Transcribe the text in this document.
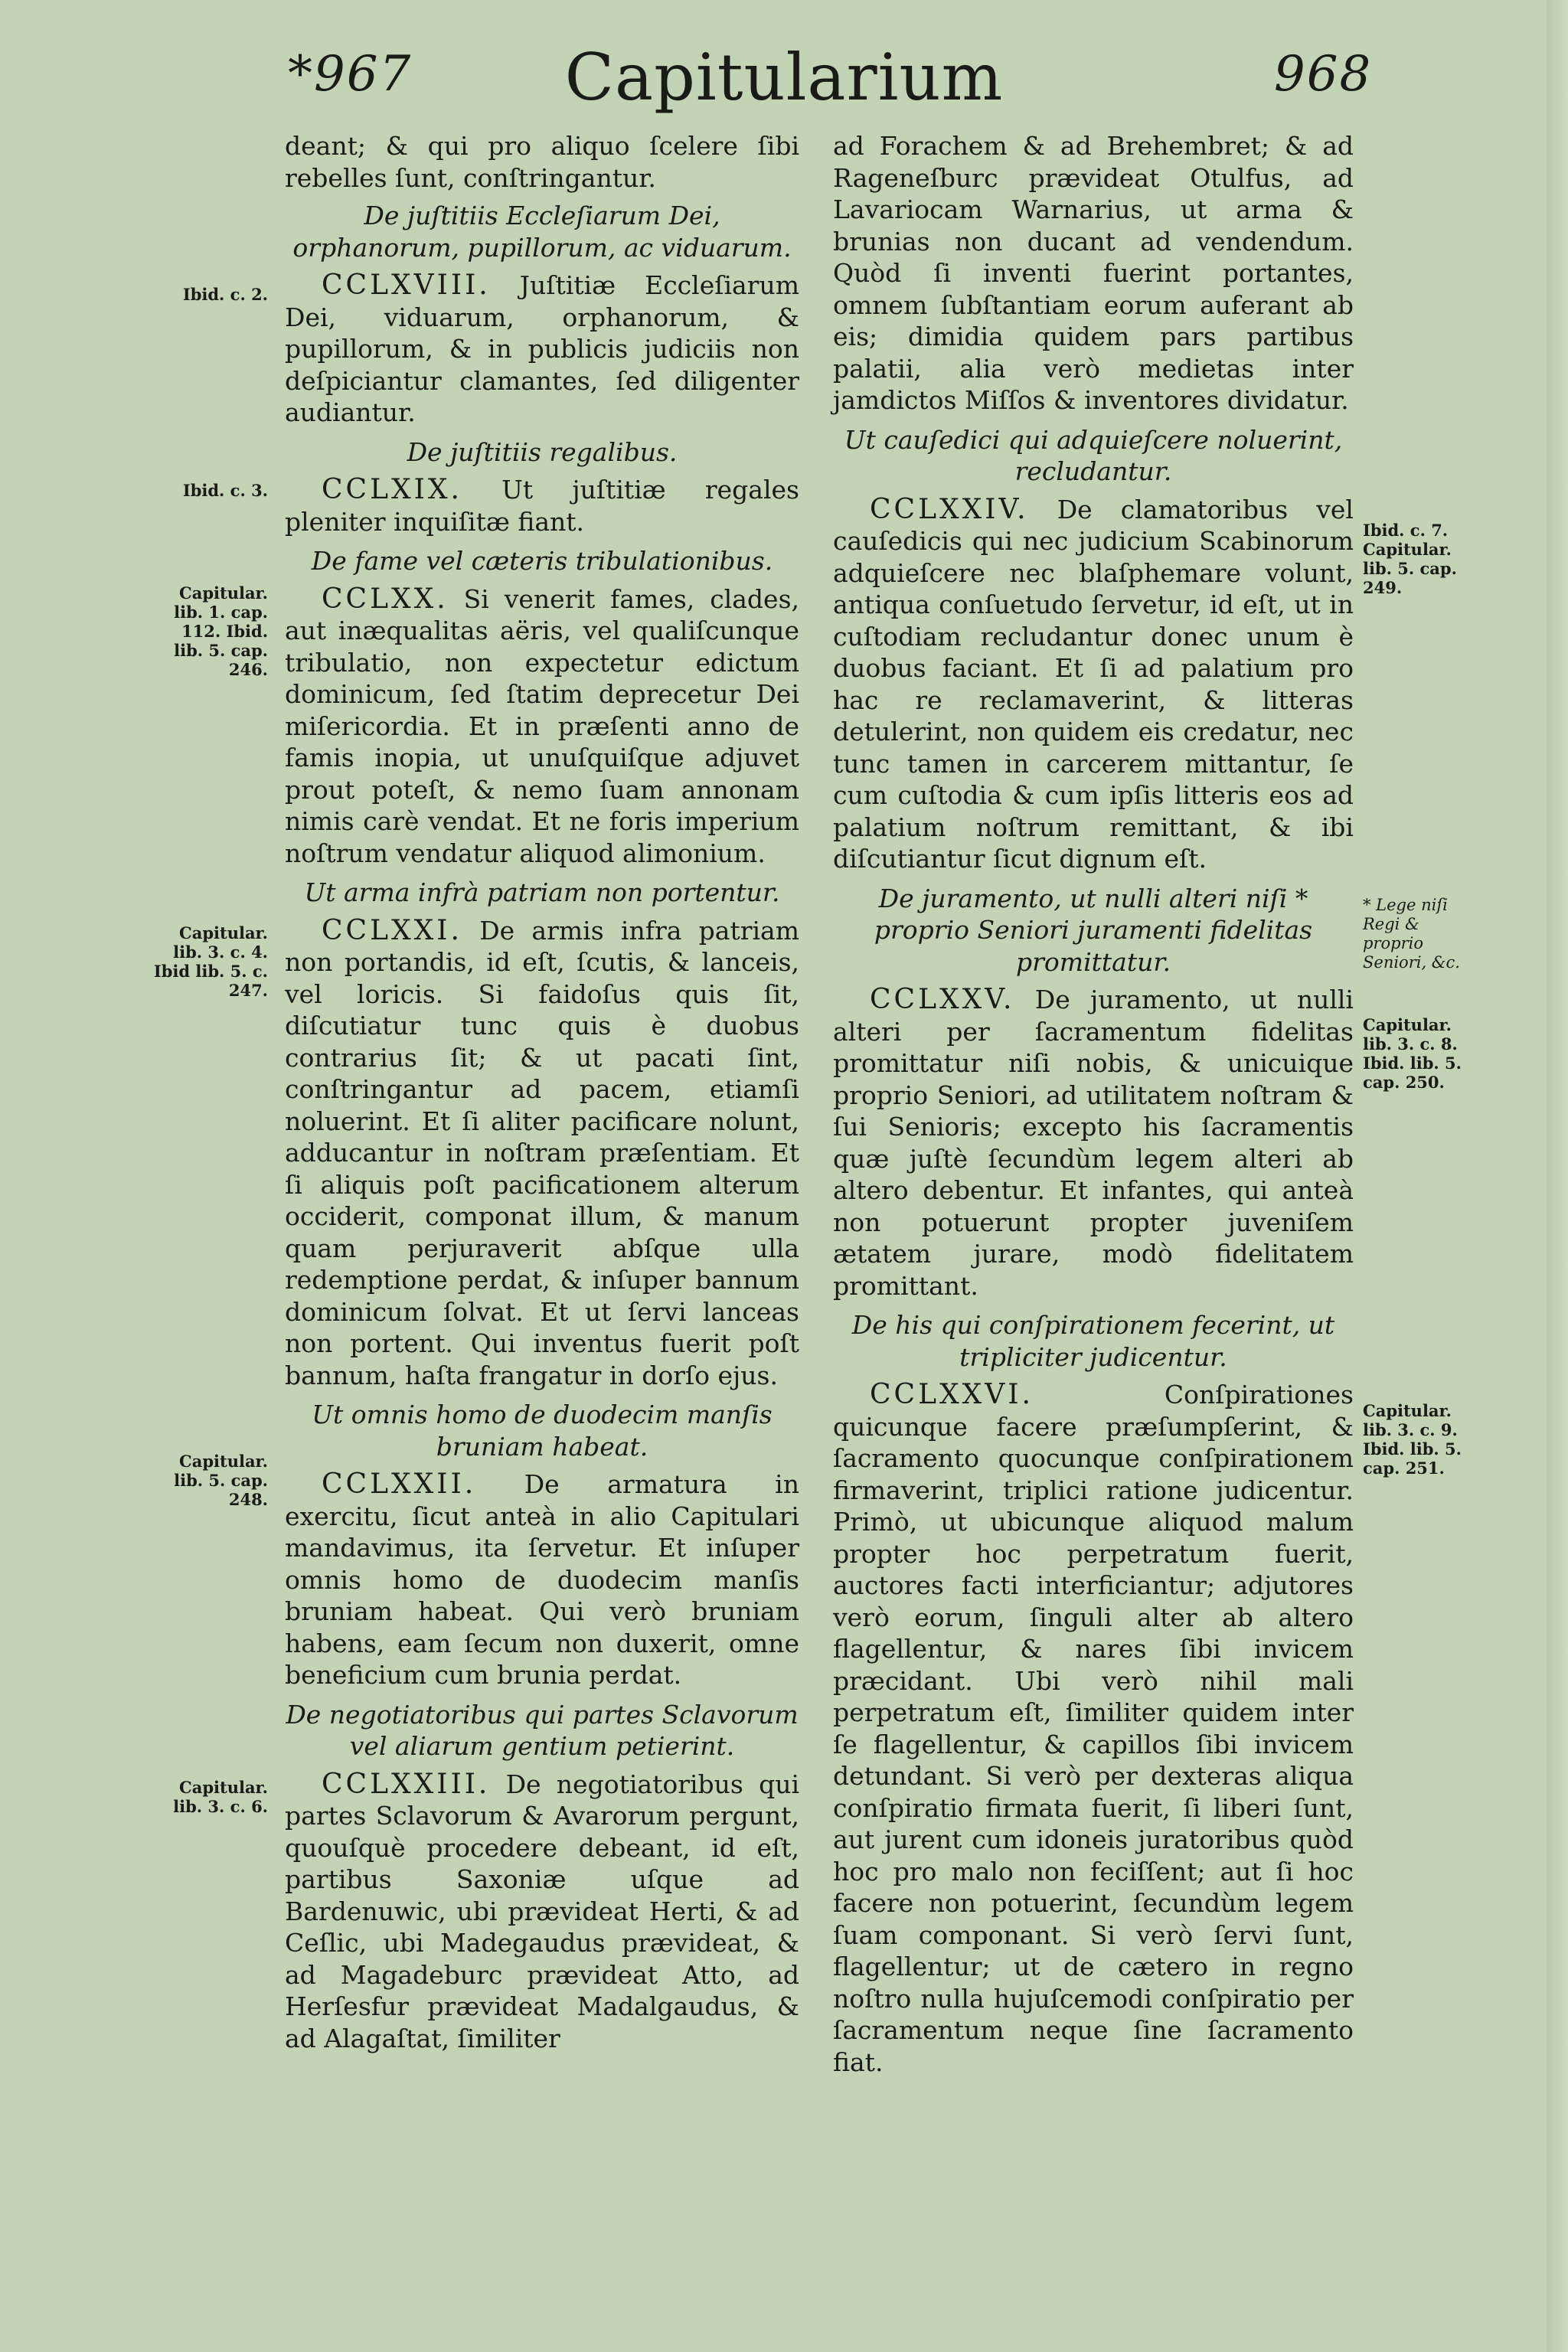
*967	Capitularium	968

deant; & qui pro aliquo ſcelere ſibi rebelles ſunt, conſtringantur.

De juſtitiis Eccleſiarum Dei, orphanorum, pupillorum, ac viduarum.

CCLXVIII. Juſtitiæ Eccleſiarum Dei, viduarum, orphanorum, & pupillorum, & in publicis judiciis non deſpiciantur clamantes, ſed diligenter audiantur.

De juſtitiis regalibus.

CCLXIX. Ut juſtitiæ regales pleniter inquiſitæ fiant.

De fame vel cæteris tribulationibus.

CCLXX. Si venerit fames, clades, aut inæqualitas aëris, vel qualiſcunque tribulatio, non expectetur edictum dominicum, ſed ſtatim deprecetur Dei miſericordia. Et in præſenti anno de famis inopia, ut unuſquiſque adjuvet prout poteſt, & nemo ſuam annonam nimis carè vendat. Et ne foris imperium noſtrum vendatur aliquod alimonium.

Ut arma infrà patriam non portentur.

CCLXXI. De armis infra patriam non portandis, id eſt, ſcutis, & lanceis, vel loricis. Si faidoſus quis ſit, diſcutiatur tunc quis è duobus contrarius ſit; & ut pacati ſint, conſtringantur ad pacem, etiamſi noluerint. Et ſi aliter pacificare nolunt, adducantur in noſtram præſentiam. Et ſi aliquis poſt pacificationem alterum occiderit, componat illum, & manum quam perjuraverit abſque ulla redemptione perdat, & inſuper bannum dominicum ſolvat. Et ut ſervi lanceas non portent. Qui inventus fuerit poſt bannum, haſta frangatur in dorſo ejus.

Ut omnis homo de duodecim manſis bruniam habeat.

CCLXXII. De armatura in exercitu, ſicut anteà in alio Capitulari mandavimus, ita ſervetur. Et inſuper omnis homo de duodecim manſis bruniam habeat. Qui verò bruniam habens, eam ſecum non duxerit, omne beneficium cum brunia perdat.

De negotiatoribus qui partes Sclavorum vel aliarum gentium petierint.

CCLXXIII. De negotiatoribus qui partes Sclavorum & Avarorum pergunt, quouſquè procedere debeant, id eſt, partibus Saxoniæ uſque ad Bardenuwic, ubi prævideat Herti, & ad Ceſlic, ubi Madegaudus prævideat, & ad Magadeburc prævideat Atto, ad Herſesfur prævideat Madalgaudus, & ad Alagaſtat, ſimiliter

ad Forachem & ad Brehembret; & ad Rageneſburc prævideat Otulfus, ad Lavariocam Warnarius, ut arma & brunias non ducant ad vendendum. Quòd ſi inventi fuerint portantes, omnem ſubſtantiam eorum auferant ab eis; dimidia quidem pars partibus palatii, alia verò medietas inter jamdictos Miſſos & inventores dividatur.

Ut cauſedici qui adquieſcere noluerint, recludantur.

CCLXXIV. De clamatoribus vel cauſedicis qui nec judicium Scabinorum adquieſcere nec blaſphemare volunt, antiqua conſuetudo ſervetur, id eſt, ut in cuſtodiam recludantur donec unum è duobus faciant. Et ſi ad palatium pro hac re reclamaverint, & litteras detulerint, non quidem eis credatur, nec tunc tamen in carcerem mittantur, ſe cum cuſtodia & cum ipſis litteris eos ad palatium noſtrum remittant, & ibi diſcutiantur ſicut dignum eſt.

De juramento, ut nulli alteri niſi * proprio Seniori juramenti fidelitas promittatur.

CCLXXV. De juramento, ut nulli alteri per ſacramentum fidelitas promittatur niſi nobis, & unicuique proprio Seniori, ad utilitatem noſtram & ſui Senioris; excepto his ſacramentis quæ juſtè ſecundùm legem alteri ab altero debentur. Et infantes, qui anteà non potuerunt propter juveniſem ætatem jurare, modò fidelitatem promittant.

De his qui conſpirationem fecerint, ut tripliciter judicentur.

CCLXXVI.	Conſpirationes quicunque facere præſumpſerint, & ſacramento quocunque conſpirationem firmaverint, triplici ratione judicentur. Primò, ut ubicunque aliquod malum propter hoc perpetratum fuerit, auctores facti interficiantur; adjutores verò eorum, ſinguli alter ab altero flagellentur, & nares ſibi invicem præcidant. Ubi verò nihil mali perpetratum eſt, ſimiliter quidem inter ſe flagellentur, & capillos ſibi invicem detundant. Si verò per dexteras aliqua conſpiratio firmata fuerit, ſi liberi ſunt, aut jurent cum idoneis juratoribus quòd hoc pro malo non feciſſent; aut ſi hoc facere non potuerint, ſecundùm legem ſuam componant. Si verò ſervi ſunt, flagellentur; ut de cætero in regno noſtro nulla hujuſcemodi conſpiratio per ſacramentum neque ſine ſacramento fiat.

Ibid. c. 2.
Ibid. c. 3.
Capitular. lib. 1. cap. 112. Ibid. lib. 5. cap. 246.
Capitular. lib. 3. c. 4. Ibid lib. 5. c. 247.
Capitular. lib. 5. cap. 248.
Capitular. lib. 3. c. 6.
Ibid. c. 7. Capitular. lib. 5. cap. 249.
* Lege niſi Regi & proprio Seniori, &c.
Capitular. lib. 3. c. 8. Ibid. lib. 5. cap. 250.
Capitular. lib. 3. c. 9. Ibid. lib. 5. cap. 251.
